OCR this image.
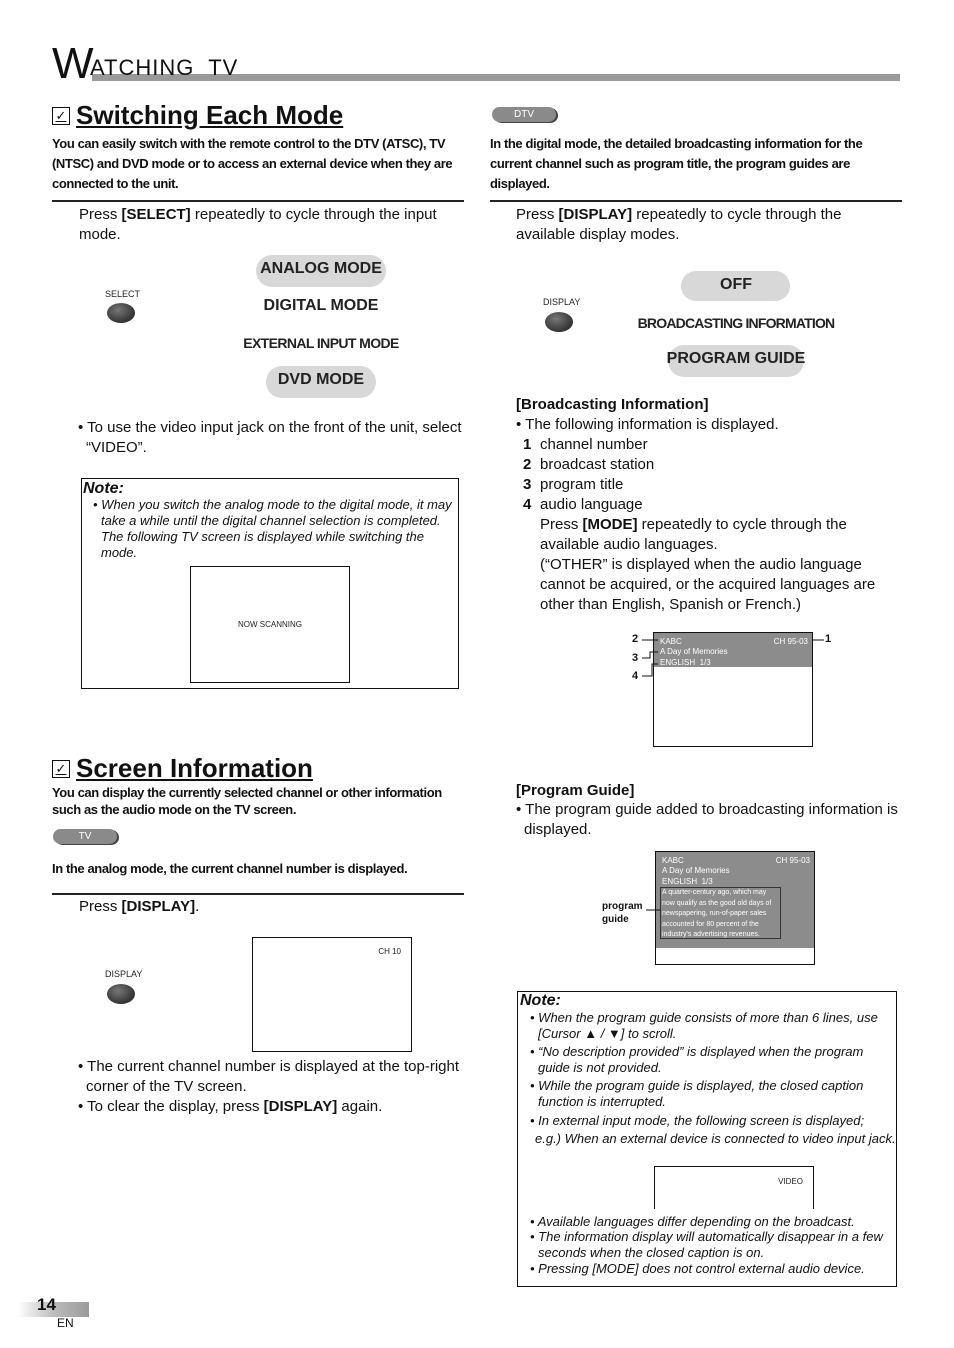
W
ATCHING  TV
✓ Switching Each Mode
You can easily switch with the remote control to the DTV (ATSC), TV (NTSC) and DVD mode or to access an external device when they are connected to the unit.
Press [SELECT] repeatedly to cycle through the input mode.
SELECT
ANALOG MODE
DIGITAL MODE
EXTERNAL INPUT MODE
DVD MODE
• To use the video input jack on the front of the unit, select “VIDEO”.
Note:
• When you switch the analog mode to the digital mode, it may take a while until the digital channel selection is completed. The following TV screen is displayed while switching the mode.
NOW SCANNING
✓ Screen Information
You can display the currently selected channel or other information such as the audio mode on the TV screen.
TV
In the analog mode, the current channel number is displayed.
Press [DISPLAY].
DISPLAY
CH 10
• The current channel number is displayed at the top-right corner of the TV screen.
• To clear the display, press [DISPLAY] again.
DTV
In the digital mode, the detailed broadcasting information for the current channel such as program title, the program guides are displayed.
Press [DISPLAY] repeatedly to cycle through the available display modes.
DISPLAY
OFF
BROADCASTING INFORMATION
PROGRAM GUIDE
[Broadcasting Information]
• The following information is displayed.
1 channel number
2 broadcast station
3 program title
4 audio language
Press [MODE] repeatedly to cycle through the available audio languages.
(“OTHER” is displayed when the audio language cannot be acquired, or the acquired languages are other than English, Spanish or French.)
KABC	CH 95-03
A Day of Memories
ENGLISH  1/3
1
2
3
4
[Program Guide]
• The program guide added to broadcasting information is displayed.
KABC	CH 95-03
A Day of Memories
ENGLISH  1/3
A quarter-century ago, which may now qualify as the good old days of newspapering, run-of-paper sales accounted for 80 percent of the industry's advertising revenues.
program guide
Note:
• When the program guide consists of more than 6 lines, use [Cursor ▲ / ▼] to scroll.
• “No description provided” is displayed when the program guide is not provided.
• While the program guide is displayed, the closed caption function is interrupted.
• In external input mode, the following screen is displayed;
e.g.) When an external device is connected to video input jack.
VIDEO
• Available languages differ depending on the broadcast.
• The information display will automatically disappear in a few seconds when the closed caption is on.
• Pressing [MODE] does not control external audio device.
14
EN
